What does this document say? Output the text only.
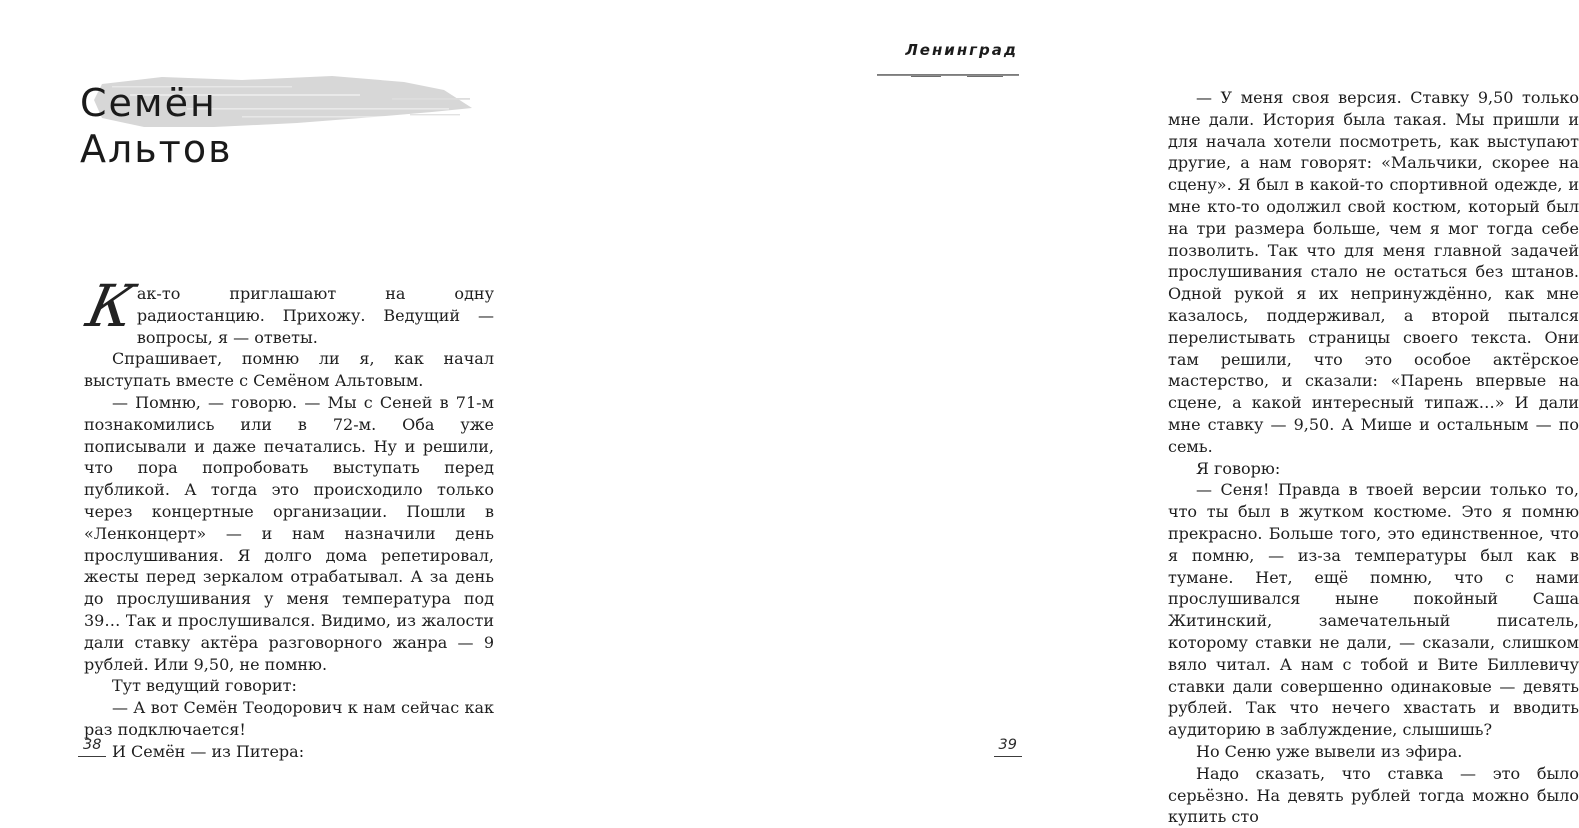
Семён
Альтов

К
ак-то приглашают на одну радиостанцию. Прихожу. Ведущий — вопросы, я — ответы.

Спрашивает, помню ли я, как начал выступать вместе с Семёном Альтовым.

— Помню, — говорю. — Мы с Сеней в 71-м познакомились или в 72-м. Оба уже пописывали и даже печатались. Ну и решили, что пора попробовать выступать перед публикой. А тогда это происходило только через концертные организации. Пошли в «Ленконцерт» — и нам назначили день прослушивания. Я долго дома репетировал, жесты перед зеркалом отрабатывал. А за день до прослушивания у меня температура под 39… Так и прослушивался. Видимо, из жалости дали ставку актёра разговорного жанра — 9 рублей. Или 9,50, не помню.

Тут ведущий говорит:

— А вот Семён Теодорович к нам сейчас как раз подключается!

И Семён — из Питера:

38
Ленинград

— У меня своя версия. Ставку 9,50 только мне дали. История была такая. Мы пришли и для начала хотели посмотреть, как выступают другие, а нам говорят: «Мальчики, скорее на сцену». Я был в какой-то спортивной одежде, и мне кто-то одолжил свой костюм, который был на три размера больше, чем я мог тогда себе позволить. Так что для меня главной задачей прослушивания стало не остаться без штанов. Одной рукой я их непринуждённо, как мне казалось, поддерживал, а второй пытался перелистывать страницы своего текста. Они там решили, что это особое актёрское мастерство, и сказали: «Парень впервые на сцене, а какой интересный типаж…» И дали мне ставку — 9,50. А Мише и остальным — по семь.

Я говорю:

— Сеня! Правда в твоей версии только то, что ты был в жутком костюме. Это я помню прекрасно. Больше того, это единственное, что я помню, — из-за температуры был как в тумане. Нет, ещё помню, что с нами прослушивался ныне покойный Саша Житинский, замечательный писатель, которому ставки не дали, — сказали, слишком вяло читал. А нам с тобой и Вите Биллевичу ставки дали совершенно одинаковые — девять рублей. Так что нечего хвастать и вводить аудиторию в заблуждение, слышишь?

Но Сеню уже вывели из эфира.

Надо сказать, что ставка — это было серьёзно. На девять рублей тогда можно было купить сто

39
